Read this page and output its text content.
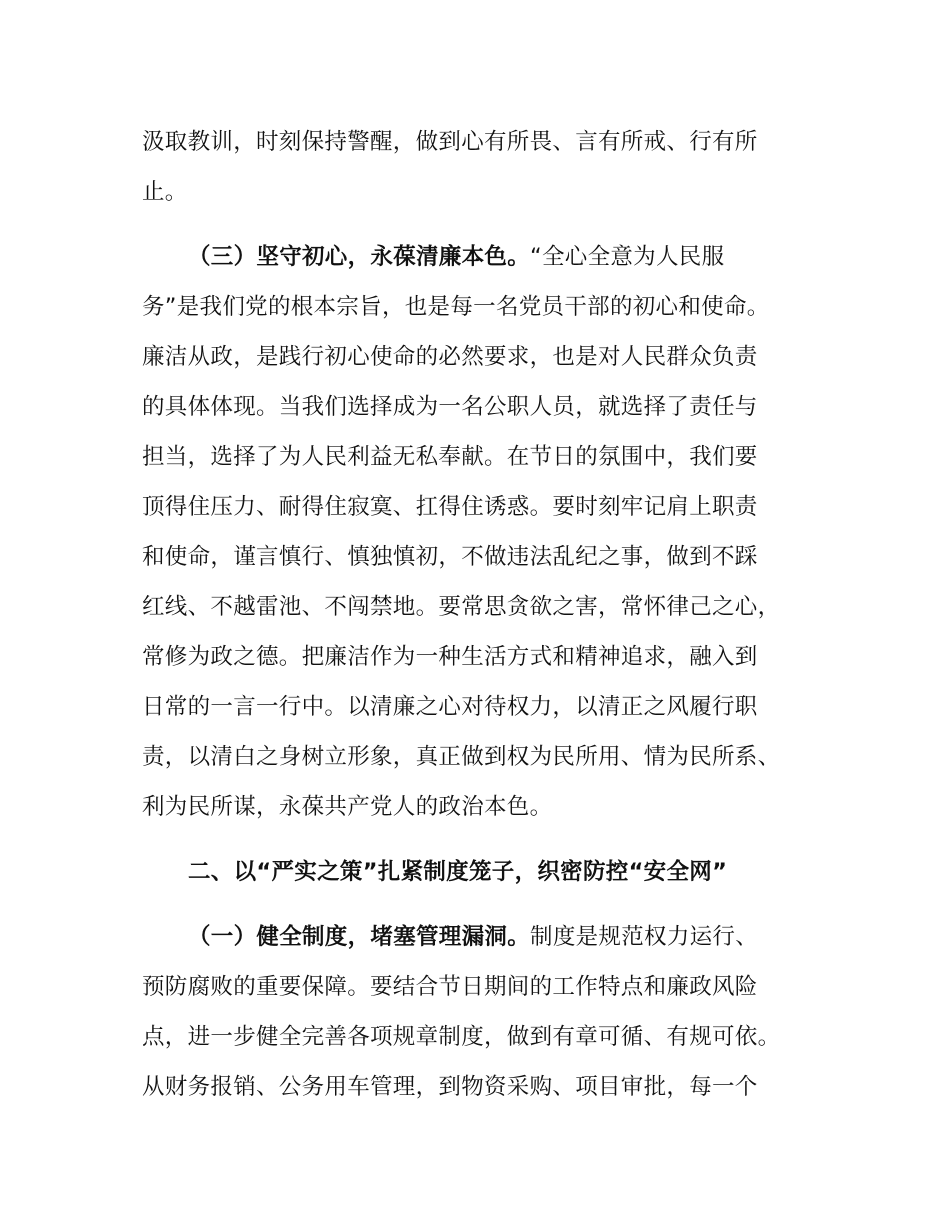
汲取教训，时刻保持警醒，做到心有所畏、言有所戒、行有所
止。
（三）坚守初心，永葆清廉本色。“全心全意为人民服
务”是我们党的根本宗旨，也是每一名党员干部的初心和使命。
廉洁从政，是践行初心使命的必然要求，也是对人民群众负责
的具体体现。当我们选择成为一名公职人员，就选择了责任与
担当，选择了为人民利益无私奉献。在节日的氛围中，我们要
顶得住压力、耐得住寂寞、扛得住诱惑。要时刻牢记肩上职责
和使命，谨言慎行、慎独慎初，不做违法乱纪之事，做到不踩
红线、不越雷池、不闯禁地。要常思贪欲之害，常怀律己之心，
常修为政之德。把廉洁作为一种生活方式和精神追求，融入到
日常的一言一行中。以清廉之心对待权力，以清正之风履行职
责，以清白之身树立形象，真正做到权为民所用、情为民所系、
利为民所谋，永葆共产党人的政治本色。
二、以“严实之策”扎紧制度笼子，织密防控“安全网”
（一）健全制度，堵塞管理漏洞。制度是规范权力运行、
预防腐败的重要保障。要结合节日期间的工作特点和廉政风险
点，进一步健全完善各项规章制度，做到有章可循、有规可依。
从财务报销、公务用车管理，到物资采购、项目审批，每一个
